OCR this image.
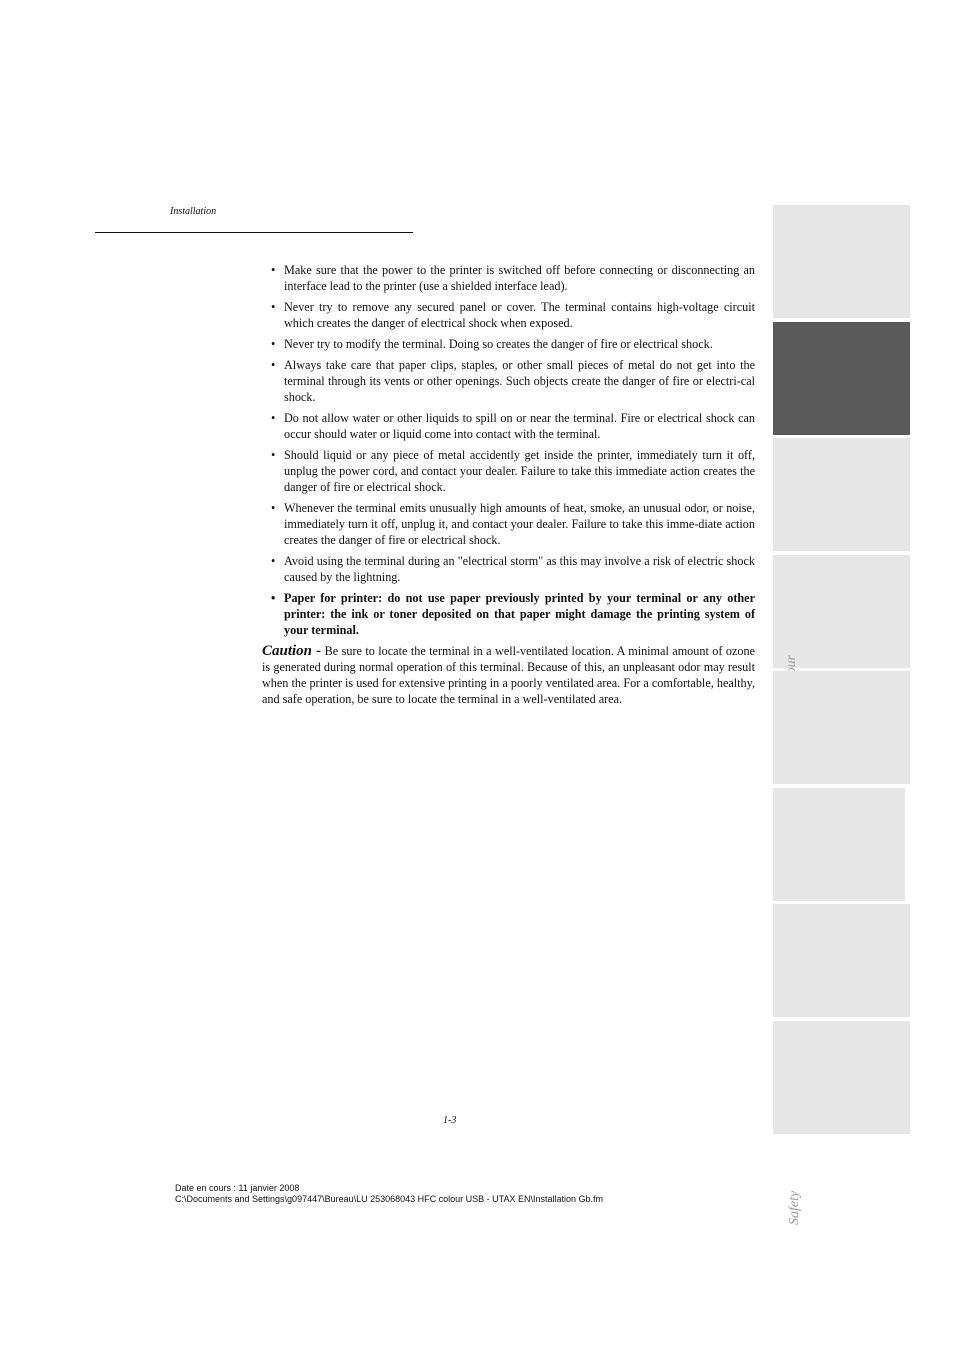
Installation
• Make sure that the power to the printer is switched off before connecting or disconnecting an interface lead to the printer (use a shielded interface lead).
• Never try to remove any secured panel or cover. The terminal contains high-voltage circuit which creates the danger of electrical shock when exposed.
• Never try to modify the terminal. Doing so creates the danger of fire or electrical shock.
• Always take care that paper clips, staples, or other small pieces of metal do not get into the terminal through its vents or other openings. Such objects create the danger of fire or electri-cal shock.
• Do not allow water or other liquids to spill on or near the terminal. Fire or electrical shock can occur should water or liquid come into contact with the terminal.
• Should liquid or any piece of metal accidently get inside the printer, immediately turn it off, unplug the power cord, and contact your dealer. Failure to take this immediate action creates the danger of fire or electrical shock.
• Whenever the terminal emits unusually high amounts of heat, smoke, an unusual odor, or noise, immediately turn it off, unplug it, and contact your dealer. Failure to take this imme-diate action creates the danger of fire or electrical shock.
• Avoid using the terminal during an "electrical storm" as this may involve a risk of electric shock caused by the lightning.
• Paper for printer: do not use paper previously printed by your terminal or any other printer: the ink or toner deposited on that paper might damage the printing system of your terminal.

Caution - Be sure to locate the terminal in a well-ventilated location. A minimal amount of ozone is generated during normal operation of this terminal. Because of this, an unpleasant odor may result when the printer is used for extensive printing in a poorly ventilated area. For a comfortable, healthy, and safe operation, be sure to locate the terminal in a well-ventilated area.

1-3
Date en cours : 11 janvier 2008
C:\Documents and Settings\g097447\Bureau\LU 253068043 HFC colour USB - UTAX EN\Installation Gb.fm	Safety
